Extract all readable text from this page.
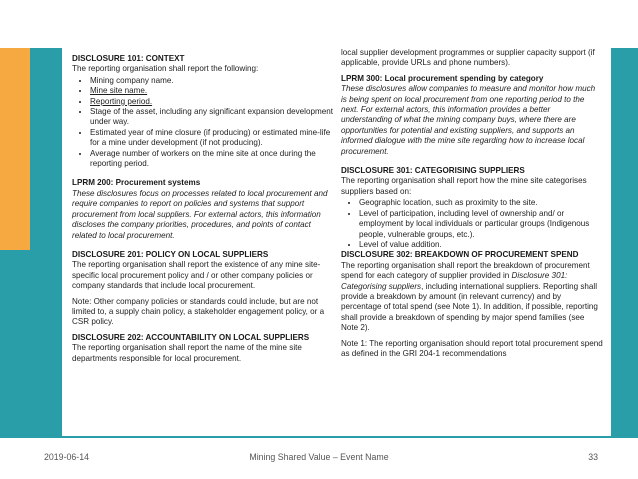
DISCLOSURE 101: CONTEXT

The reporting organisation shall report the following:

• Mining company name.
• Mine site name.
• Reporting period.
• Stage of the asset, including any significant expansion development under way.
• Estimated year of mine closure (if producing) or estimated mine-life for a mine under development (if not producing).
• Average number of workers on the mine site at once during the reporting period.
LPRM 200: Procurement systems

These disclosures focus on processes related to local procurement and require companies to report on policies and systems that support procurement from local suppliers. For external actors, this information discloses the company priorities, procedures, and points of contact related to local procurement.

DISCLOSURE 201: POLICY ON LOCAL SUPPLIERS

The reporting organisation shall report the existence of any mine site-specific local procurement policy and / or other company policies or company standards that include local procurement.

Note: Other company policies or standards could include, but are not limited to, a supply chain policy, a stakeholder engagement policy, or a CSR policy.

DISCLOSURE 202: ACCOUNTABILITY ON LOCAL SUPPLIERS

The reporting organisation shall report the name of the mine site departments responsible for local procurement.

local supplier development programmes or supplier capacity support (if applicable, provide URLs and phone numbers).

LPRM 300: Local procurement spending by category

These disclosures allow companies to measure and monitor how much is being spent on local procurement from one reporting period to the next. For external actors, this information provides a better understanding of what the mining company buys, where there are opportunities for potential and existing suppliers, and supports an informed dialogue with the mine site regarding how to increase local procurement.

DISCLOSURE 301: CATEGORISING SUPPLIERS

The reporting organisation shall report how the mine site categorises suppliers based on:

• Geographic location, such as proximity to the site.
• Level of participation, including level of ownership and/ or employment by local individuals or particular groups (Indigenous people, vulnerable groups, etc.).
• Level of value addition.
DISCLOSURE 302: BREAKDOWN OF PROCUREMENT SPEND

The reporting organisation shall report the breakdown of procurement spend for each category of supplier provided in Disclosure 301: Categorising suppliers, including international suppliers. Reporting shall provide a breakdown by amount (in relevant currency) and by percentage of total spend (see Note 1). In addition, if possible, reporting shall provide a breakdown of spending by major spend families (see Note 2).

Note 1: The reporting organisation should report total procurement spend as defined in the GRI 204-1 recommendations

2019-06-14	Mining Shared Value – Event Name	33
